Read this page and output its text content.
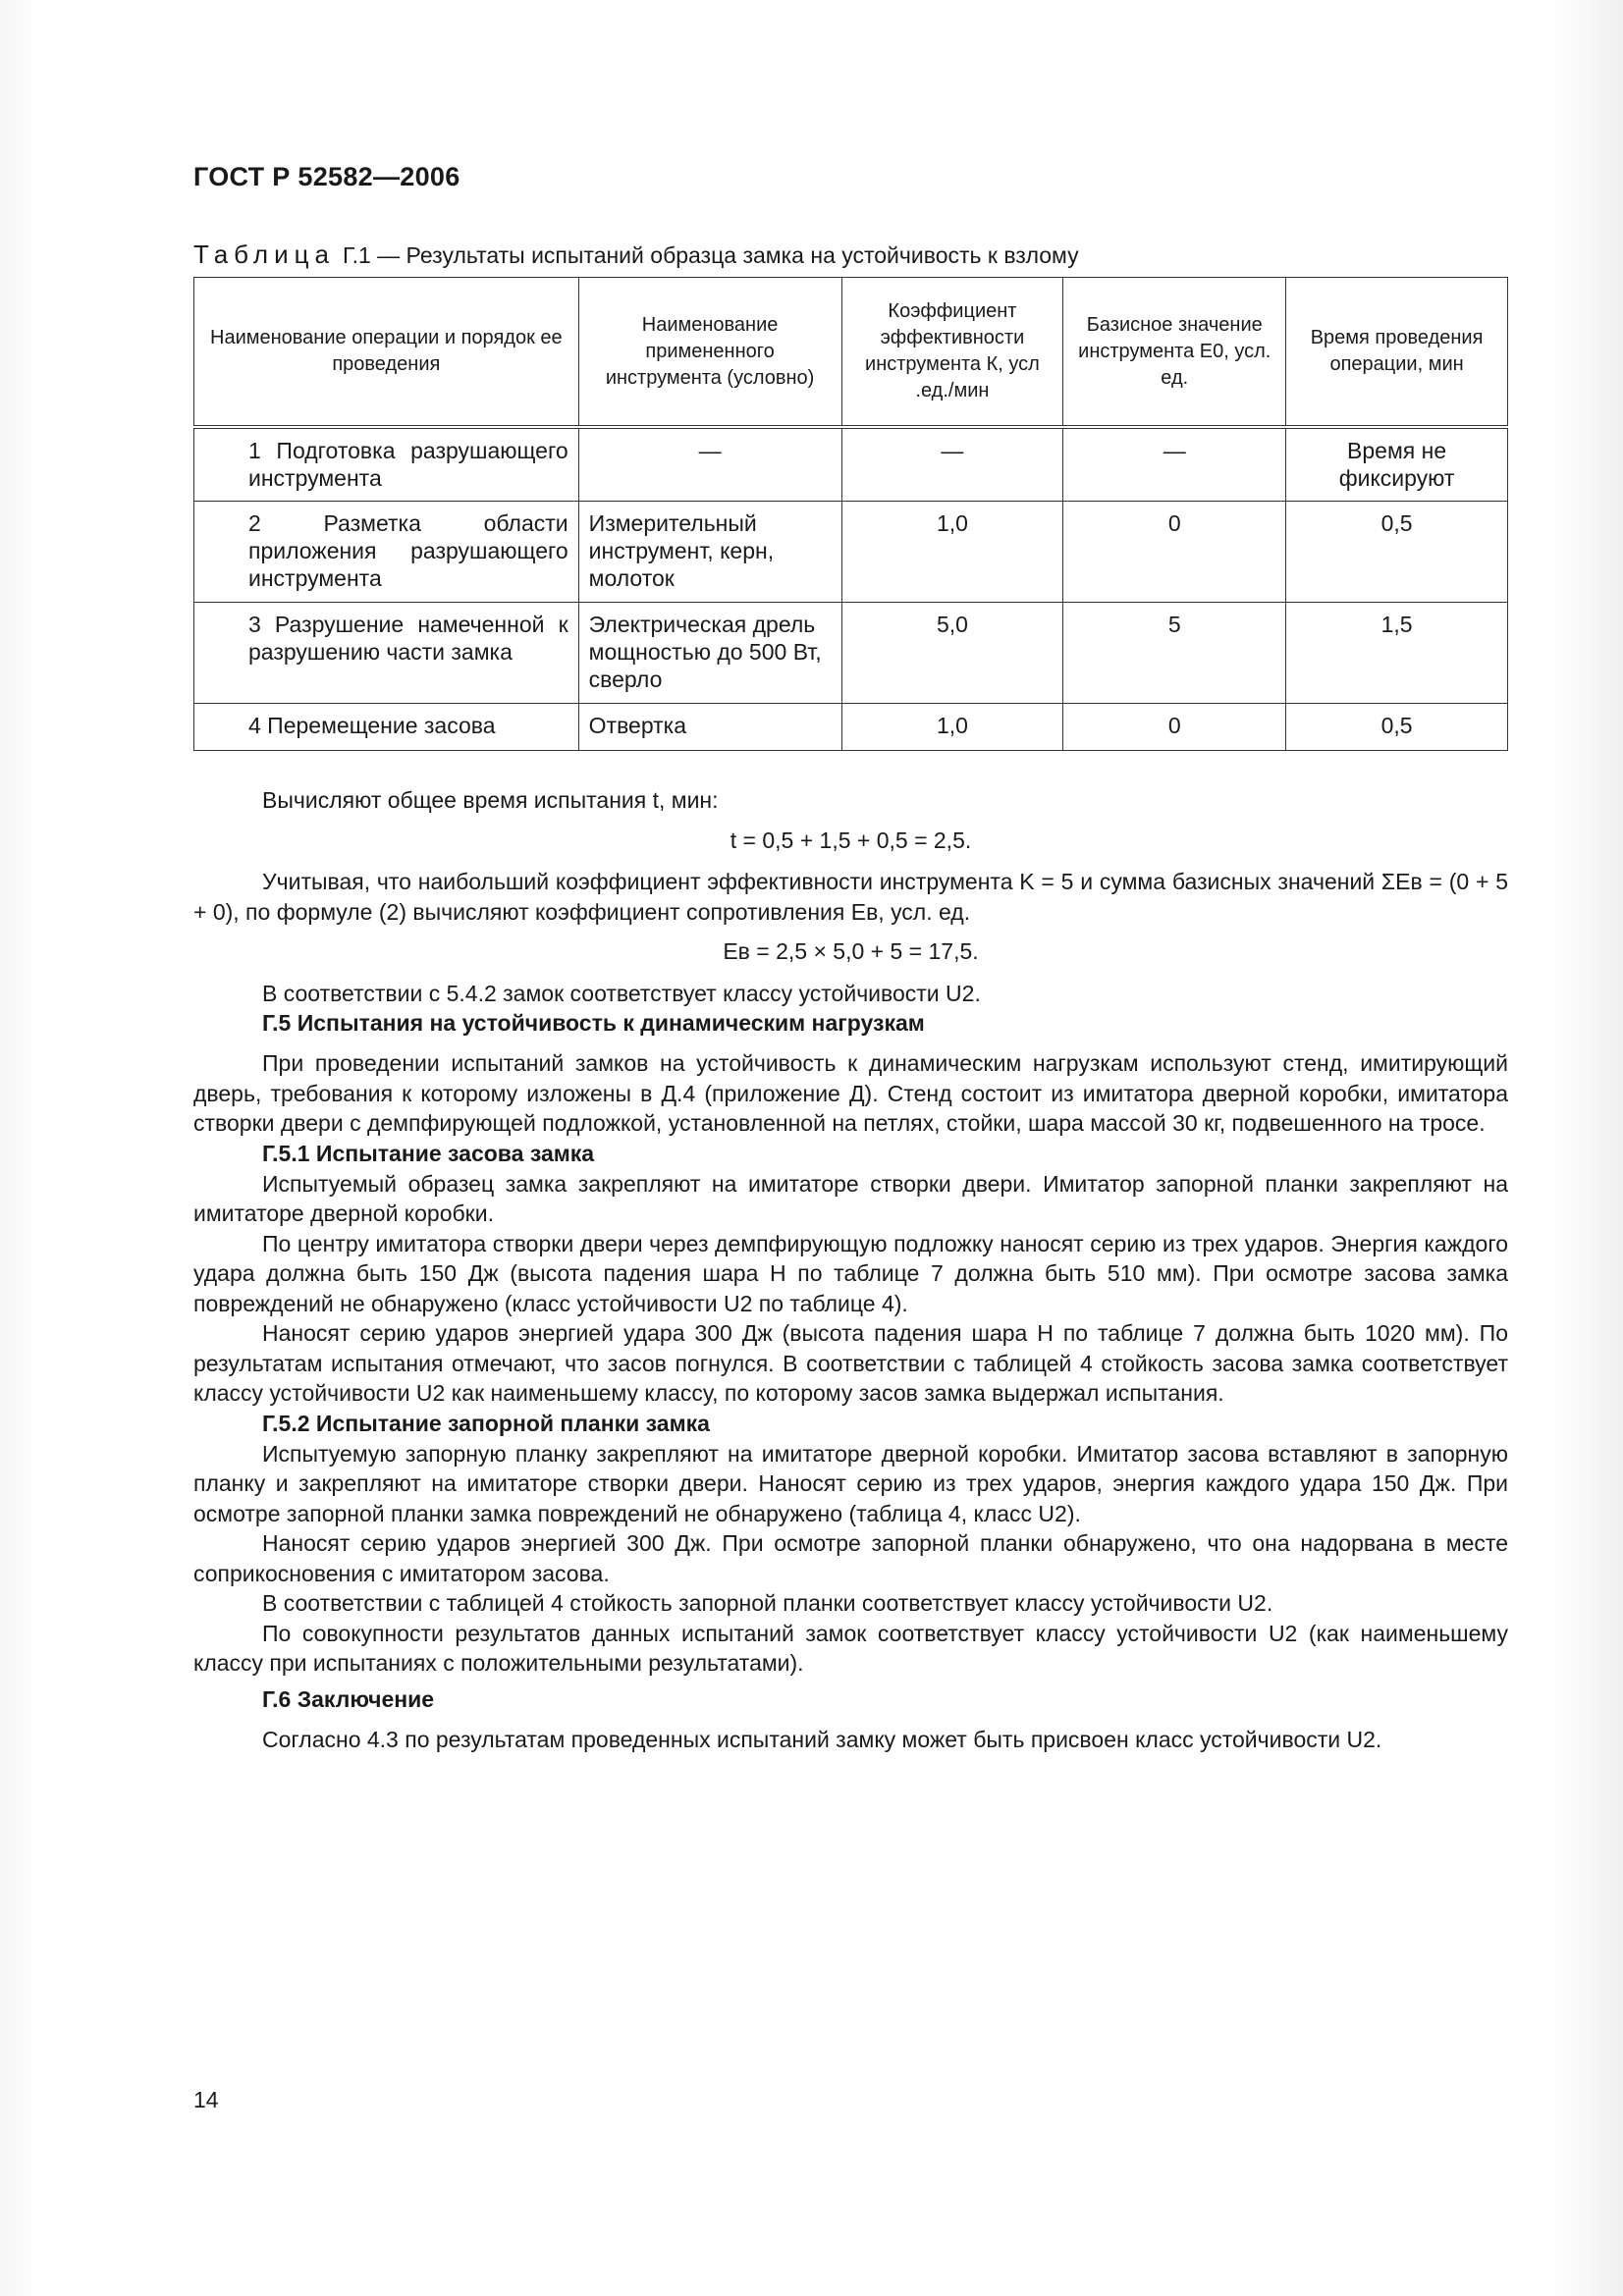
ГОСТ Р 52582—2006
Таблица Г.1 — Результаты испытаний образца замка на устойчивость к взлому
Наименование операции и порядок ее проведения	Наименование примененного инструмента (условно)	Коэффициент эффективности инструмента К, усл .ед./мин	Базисное значение инструмента E0, усл. ед.	Время проведения операции, мин

1 Подготовка разрушающего инструмента	—	—	—	Время не фиксируют

2 Разметка области приложения разрушающего инструмента	Измерительный инструмент, керн, молоток	1,0	0	0,5

3 Разрушение намеченной к разрушению части замка	Электрическая дрель мощностью до 500 Вт, сверло	5,0	5	1,5

4 Перемещение засова	Отвертка	1,0	0	0,5

Вычисляют общее время испытания t, мин:

t = 0,5 + 1,5 + 0,5 = 2,5.

Учитывая, что наибольший коэффициент эффективности инструмента K = 5 и сумма базисных значений ΣEв = (0 + 5 + 0), по формуле (2) вычисляют коэффициент сопротивления Eв, усл. ед.

Eв = 2,5 × 5,0 + 5 = 17,5.

В соответствии с 5.4.2 замок соответствует классу устойчивости U2.

Г.5 Испытания на устойчивость к динамическим нагрузкам

При проведении испытаний замков на устойчивость к динамическим нагрузкам используют стенд, имитирующий дверь, требования к которому изложены в Д.4 (приложение Д). Стенд состоит из имитатора дверной коробки, имитатора створки двери с демпфирующей подложкой, установленной на петлях, стойки, шара массой 30 кг, подвешенного на тросе.

Г.5.1 Испытание засова замка

Испытуемый образец замка закрепляют на имитаторе створки двери. Имитатор запорной планки закрепляют на имитаторе дверной коробки.

По центру имитатора створки двери через демпфирующую подложку наносят серию из трех ударов. Энергия каждого удара должна быть 150 Дж (высота падения шара H по таблице 7 должна быть 510 мм). При осмотре засова замка повреждений не обнаружено (класс устойчивости U2 по таблице 4).

Наносят серию ударов энергией удара 300 Дж (высота падения шара H по таблице 7 должна быть 1020 мм). По результатам испытания отмечают, что засов погнулся. В соответствии с таблицей 4 стойкость засова замка соответствует классу устойчивости U2 как наименьшему классу, по которому засов замка выдержал испытания.

Г.5.2 Испытание запорной планки замка

Испытуемую запорную планку закрепляют на имитаторе дверной коробки. Имитатор засова вставляют в запорную планку и закрепляют на имитаторе створки двери. Наносят серию из трех ударов, энергия каждого удара 150 Дж. При осмотре запорной планки замка повреждений не обнаружено (таблица 4, класс U2).

Наносят серию ударов энергией 300 Дж. При осмотре запорной планки обнаружено, что она надорвана в месте соприкосновения с имитатором засова.

В соответствии с таблицей 4 стойкость запорной планки соответствует классу устойчивости U2.

По совокупности результатов данных испытаний замок соответствует классу устойчивости U2 (как наименьшему классу при испытаниях с положительными результатами).

Г.6 Заключение

Согласно 4.3 по результатам проведенных испытаний замку может быть присвоен класс устойчивости U2.

14
